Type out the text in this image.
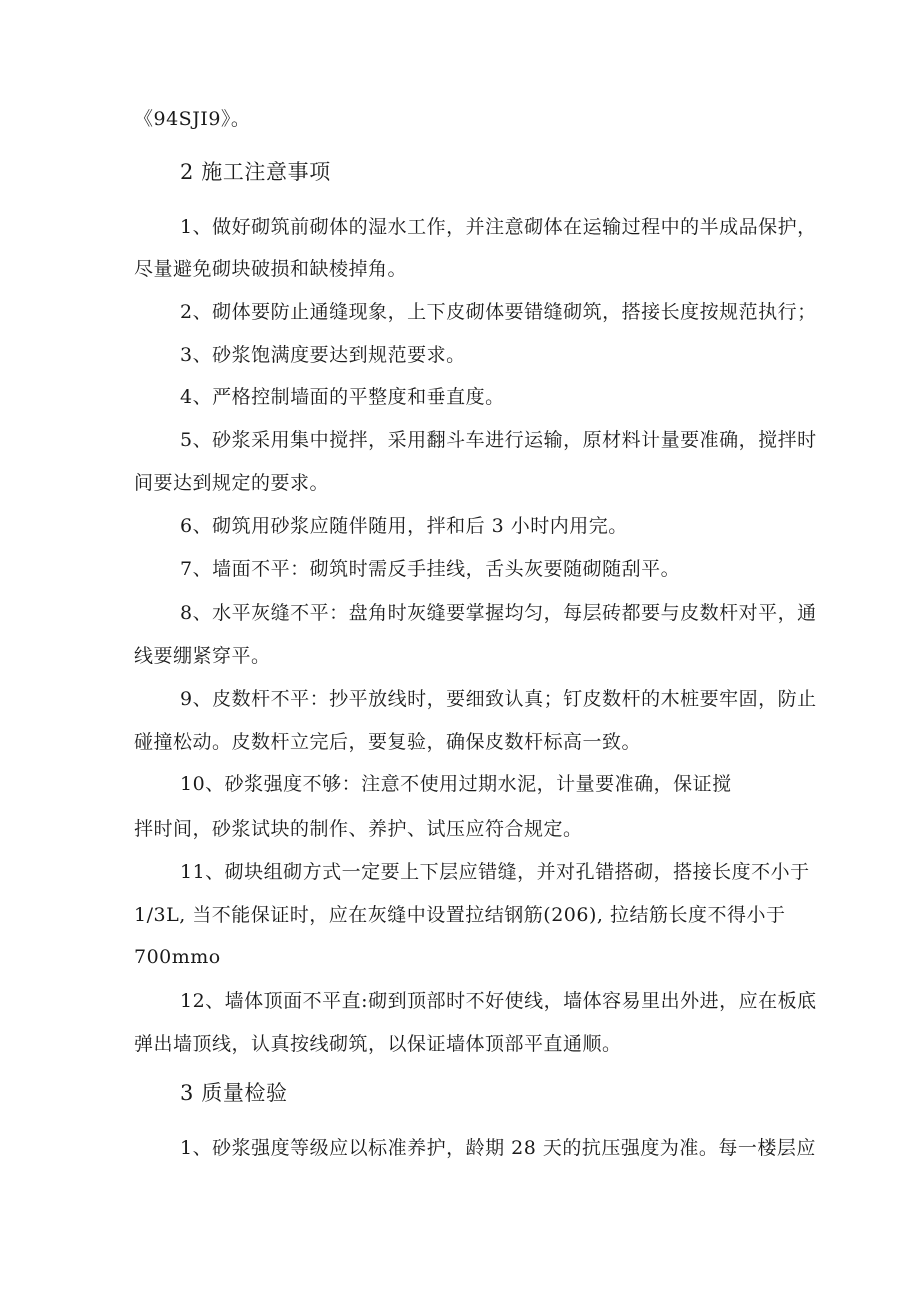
《94SJI9》。

2 施工注意事项

1、做好砌筑前砌体的湿水工作，并注意砌体在运输过程中的半成品保护，

尽量避免砌块破损和缺棱掉角。

2、砌体要防止通缝现象，上下皮砌体要错缝砌筑，搭接长度按规范执行；

3、砂浆饱满度要达到规范要求。

4、严格控制墙面的平整度和垂直度。

5、砂浆采用集中搅拌，采用翻斗车进行运输，原材料计量要准确，搅拌时

间要达到规定的要求。

6、砌筑用砂浆应随伴随用，拌和后 3 小时内用完。

7、墙面不平：砌筑时需反手挂线，舌头灰要随砌随刮平。

8、水平灰缝不平：盘角时灰缝要掌握均匀，每层砖都要与皮数杆对平，通

线要绷紧穿平。

9、皮数杆不平：抄平放线时，要细致认真；钉皮数杆的木桩要牢固，防止

碰撞松动。皮数杆立完后，要复验，确保皮数杆标高一致。

10、砂浆强度不够：注意不使用过期水泥，计量要准确，保证搅

拌时间，砂浆试块的制作、养护、试压应符合规定。

11、砌块组砌方式一定要上下层应错缝，并对孔错搭砌，搭接长度不小于

1/3L, 当不能保证时，应在灰缝中设置拉结钢筋(206), 拉结筋长度不得小于

700mmo

12、墙体顶面不平直:砌到顶部时不好使线，墙体容易里出外进，应在板底

弹出墙顶线，认真按线砌筑，以保证墙体顶部平直通顺。

3 质量检验

1、砂浆强度等级应以标准养护，龄期 28 天的抗压强度为准。每一楼层应
